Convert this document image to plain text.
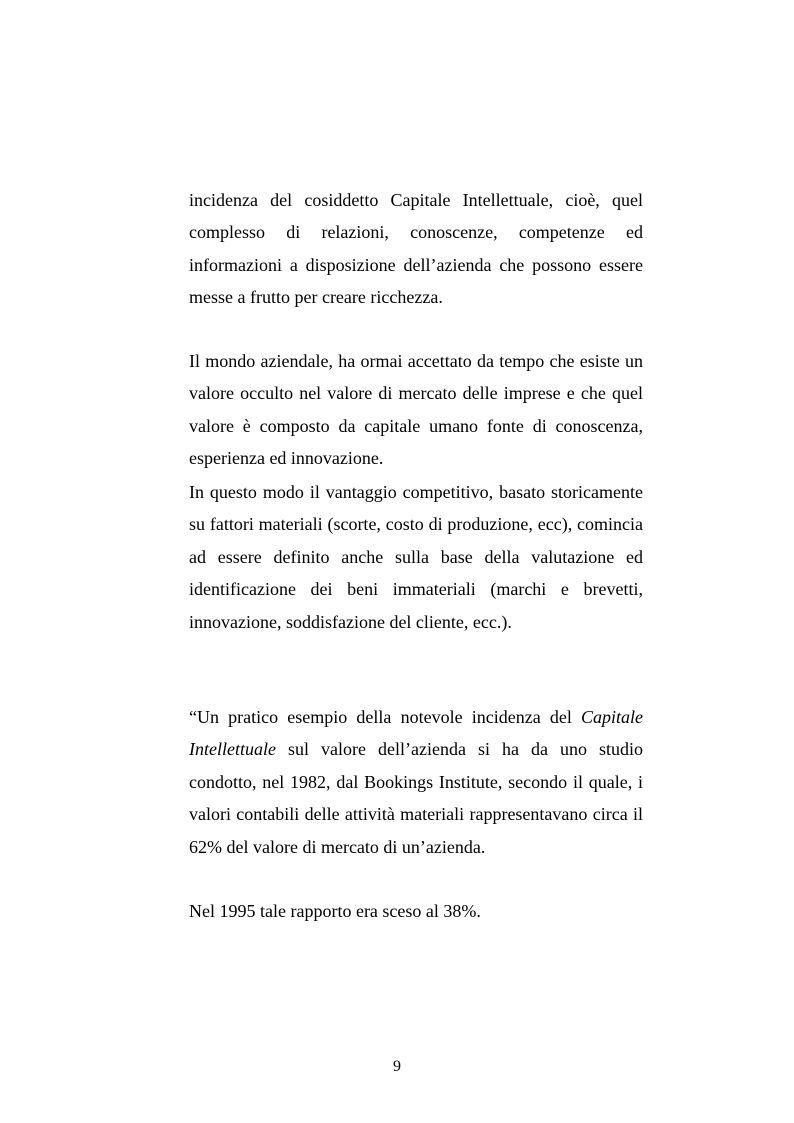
incidenza del cosiddetto Capitale Intellettuale, cioè, quel complesso di relazioni, conoscenze, competenze ed informazioni a disposizione dell’azienda che possono essere messe a frutto per creare ricchezza.

Il mondo aziendale, ha ormai accettato da tempo che esiste un valore occulto nel valore di mercato delle imprese e che quel valore è composto da capitale umano fonte di conoscenza, esperienza ed innovazione.

In questo modo il vantaggio competitivo, basato storicamente su fattori materiali (scorte, costo di produzione, ecc), comincia ad essere definito anche sulla base della valutazione ed identificazione dei beni immateriali (marchi e brevetti, innovazione, soddisfazione del cliente, ecc.).

“Un pratico esempio della notevole incidenza del Capitale Intellettuale sul valore dell’azienda si ha da uno studio condotto, nel 1982, dal Bookings Institute, secondo il quale, i valori contabili delle attività materiali rappresentavano circa il 62% del valore di mercato di un’azienda.

Nel 1995 tale rapporto era sceso al 38%.

9
